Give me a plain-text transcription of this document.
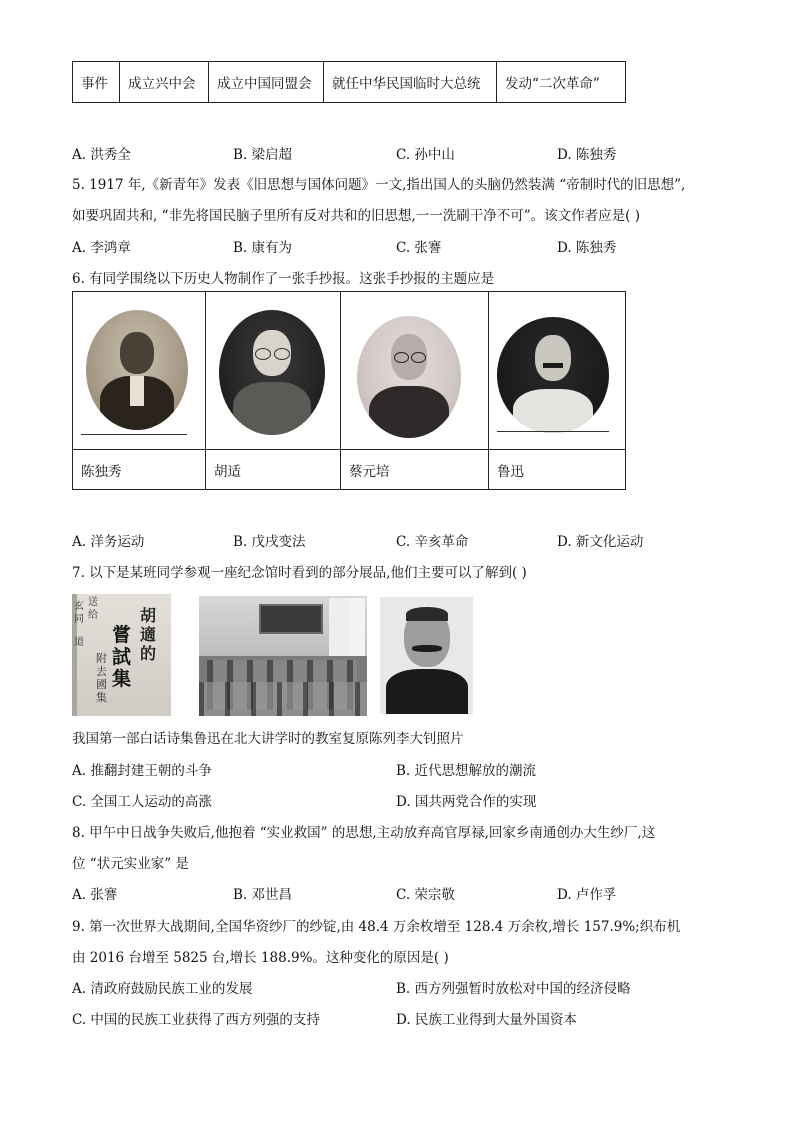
事件	成立兴中会	成立中国同盟会	就任中华民国临时大总统	发动“二次革命”
A. 洪秀全	B. 梁启超	C. 孙中山	D. 陈独秀
5. 1917 年,《新青年》发表《旧思想与国体问题》一文,指出国人的头脑仍然装满 “帝制时代的旧思想”,
如要巩固共和, “非先将国民脑子里所有反对共和的旧思想,一一洗刷干净不可”。该文作者应是( )
A. 李鸿章	B. 康有为	C. 张謇	D. 陈独秀
6. 有同学围绕以下历史人物制作了一张手抄报。这张手抄报的主题应是
陈独秀	胡适	蔡元培	鲁迅
A. 洋务运动	B. 戊戌变法	C. 辛亥革命	D. 新文化运动
7. 以下是某班同学参观一座纪念馆时看到的部分展品,他们主要可以了解到( )
玄
同
道
送
给
嘗
試
集
胡
適
的
附
去
國
集
我国第一部白话诗集鲁迅在北大讲学时的教室复原陈列李大钊照片
A. 推翻封建王朝的斗争	B. 近代思想解放的潮流
C. 全国工人运动的高涨	D. 国共两党合作的实现
8. 甲午中日战争失败后,他抱着 “实业救国” 的思想,主动放弃高官厚禄,回家乡南通创办大生纱厂,这
位 “状元实业家” 是
A. 张謇	B. 邓世昌	C. 荣宗敬	D. 卢作孚
9. 第一次世界大战期间,全国华资纱厂的纱锭,由 48.4 万余枚增至 128.4 万余枚,增长 157.9%;织布机
由 2016 台增至 5825 台,增长 188.9%。这种变化的原因是( )
A. 清政府鼓励民族工业的发展	B. 西方列强暂时放松对中国的经济侵略
C. 中国的民族工业获得了西方列强的支持	D. 民族工业得到大量外国资本
